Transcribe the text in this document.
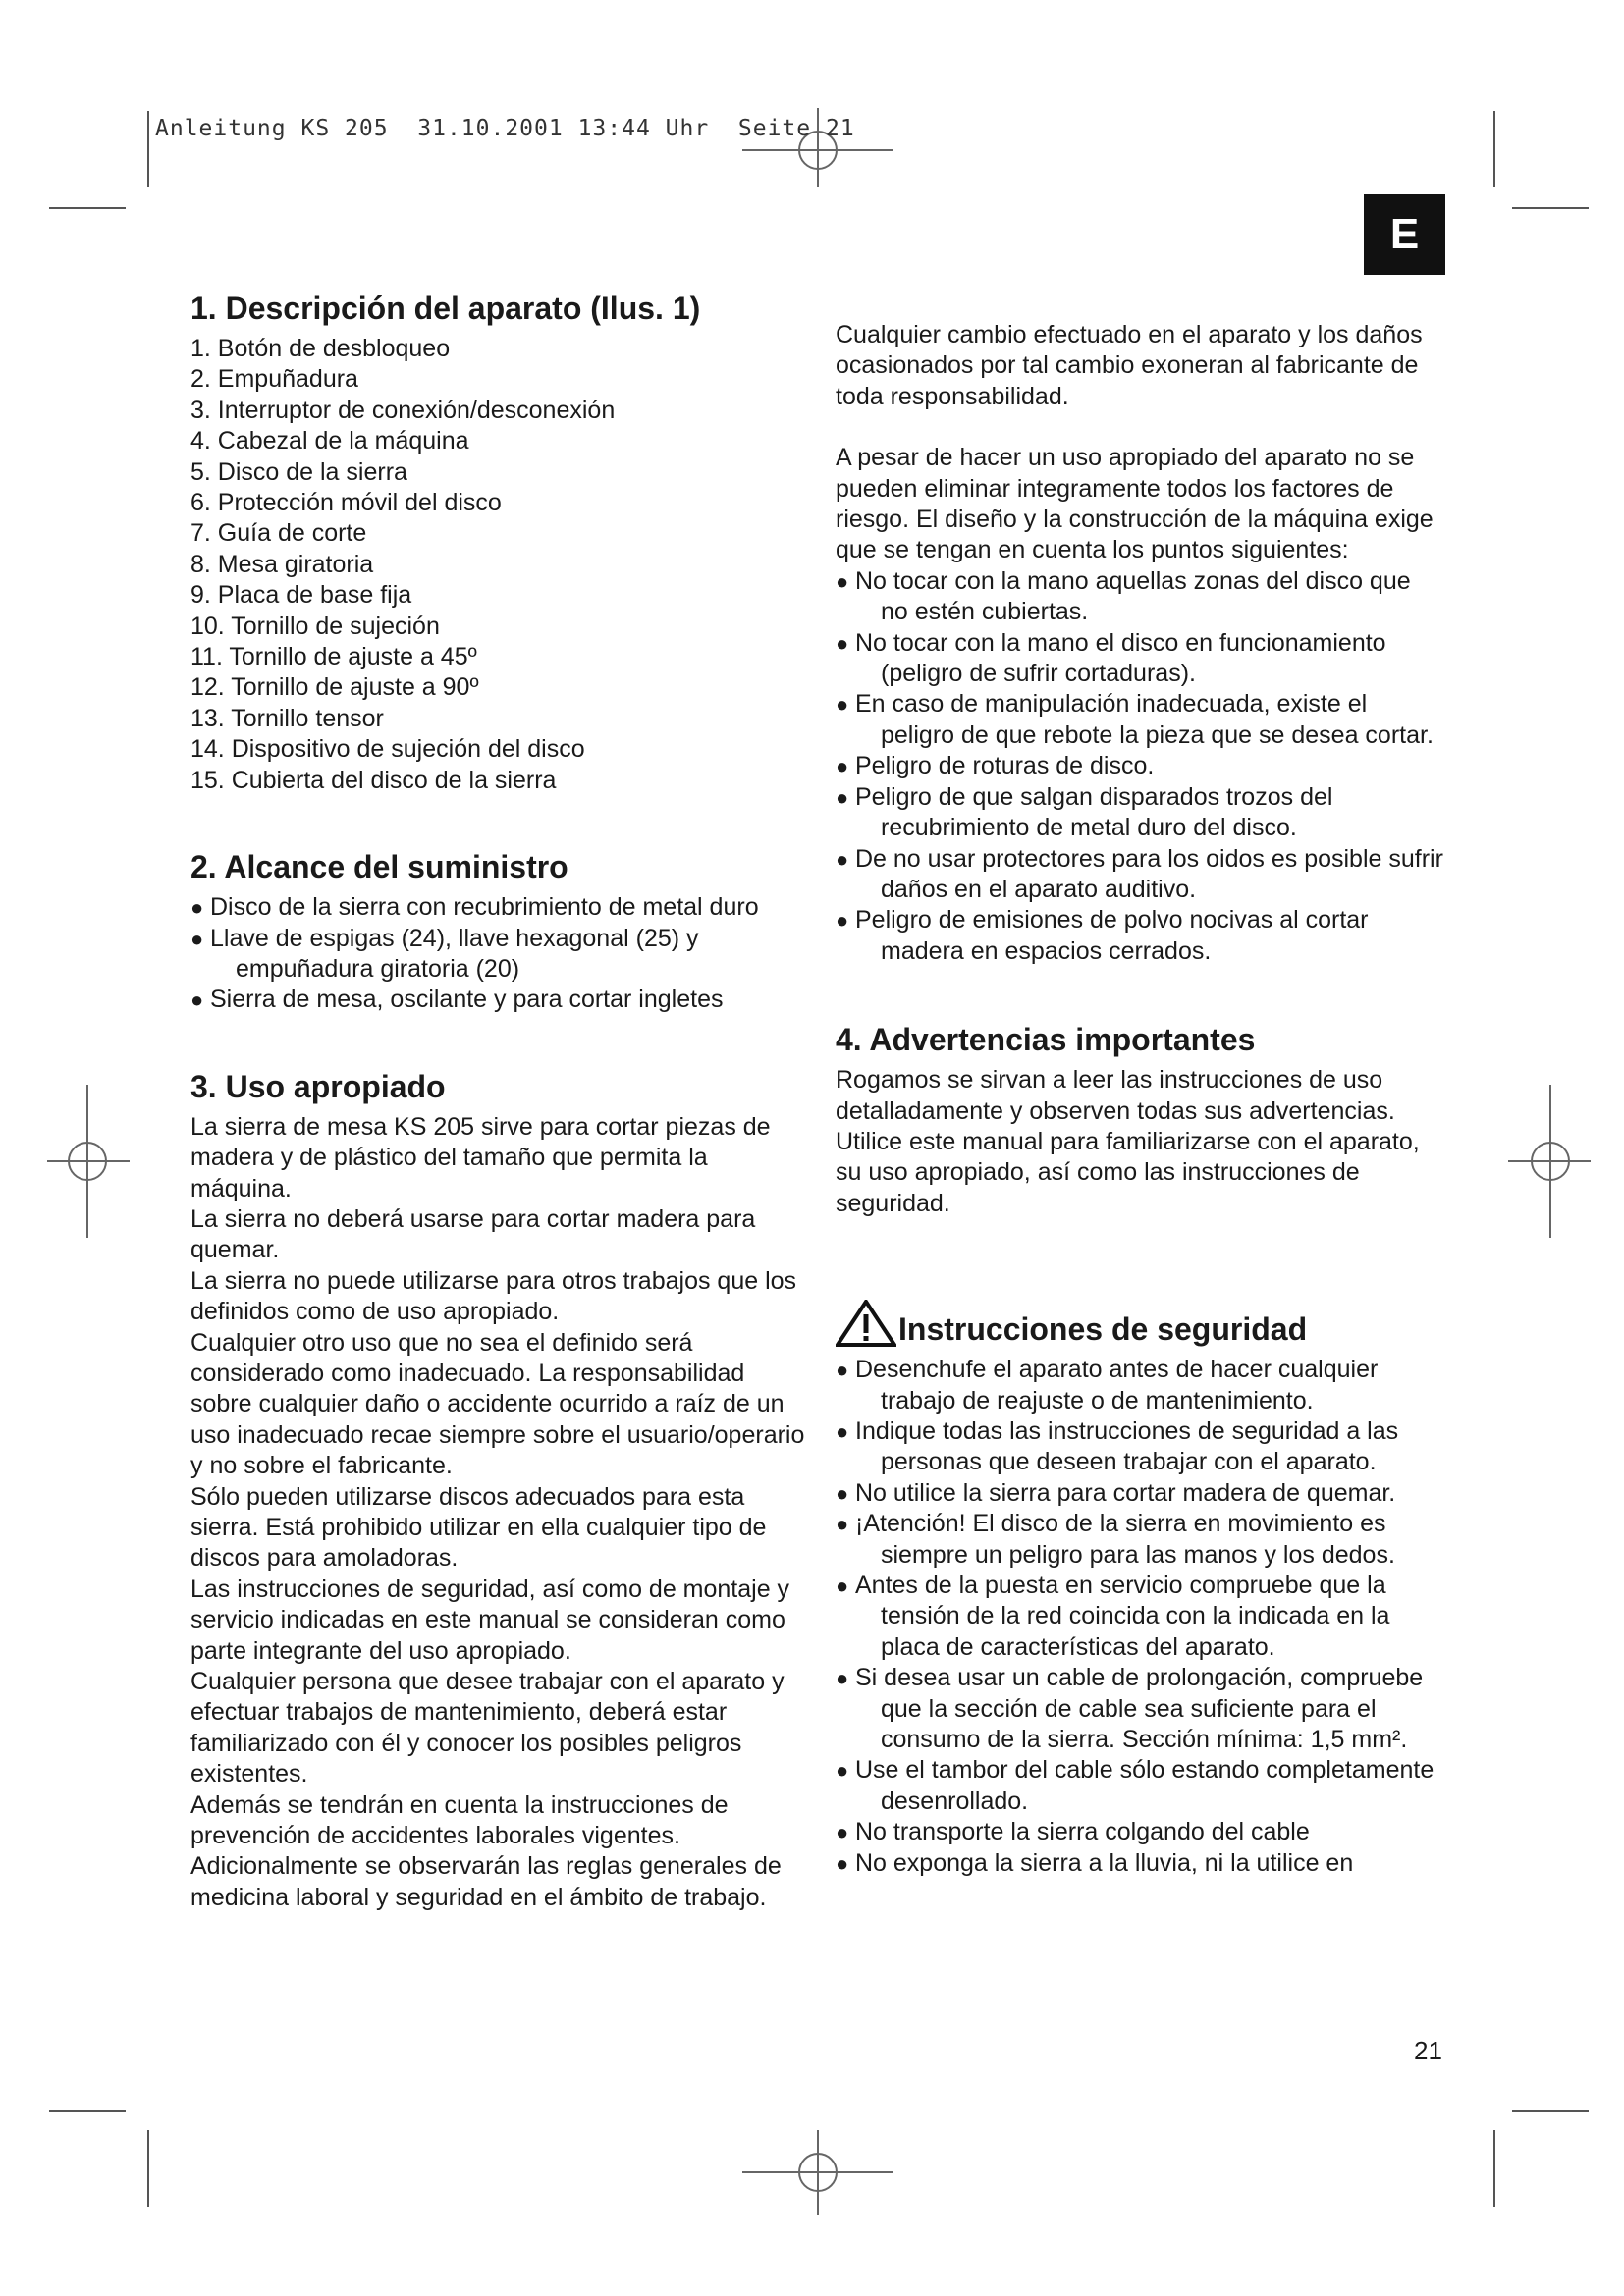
Anleitung KS 205  31.10.2001 13:44 Uhr  Seite 21
E
1. Descripción del aparato (Ilus. 1)
1. Botón de desbloqueo
2. Empuñadura
3. Interruptor de conexión/desconexión
4. Cabezal de la máquina
5. Disco de la sierra
6. Protección móvil del disco
7. Guía de corte
8. Mesa giratoria
9. Placa de base fija
10. Tornillo de sujeción
11. Tornillo de ajuste a 45º
12. Tornillo de ajuste a 90º
13. Tornillo tensor
14. Dispositivo de sujeción del disco
15. Cubierta del disco de la sierra
2. Alcance del suministro
● Disco de la sierra con recubrimiento de metal duro
● Llave de espigas (24), llave hexagonal (25) y empuñadura giratoria (20)
● Sierra de mesa, oscilante y para cortar ingletes
3. Uso apropiado

La sierra de mesa KS 205 sirve para cortar piezas de madera y de plástico del tamaño que permita la máquina.

La sierra no deberá usarse para cortar madera para quemar.

La sierra no puede utilizarse para otros trabajos que los definidos como de uso apropiado.

Cualquier otro uso que no sea el definido será considerado como inadecuado. La responsabilidad sobre cualquier daño o accidente ocurrido a raíz de un uso inadecuado recae siempre sobre el usuario/operario y no sobre el fabricante.

Sólo pueden utilizarse discos adecuados para esta sierra. Está prohibido utilizar en ella cualquier tipo de discos para amoladoras.

Las instrucciones de seguridad, así como de montaje y servicio indicadas en este manual se consideran como parte integrante del uso apropiado.

Cualquier persona que desee trabajar con el aparato y efectuar trabajos de mantenimiento, deberá estar familiarizado con él y conocer los posibles peligros existentes.

Además se tendrán en cuenta la instrucciones de prevención de accidentes laborales vigentes.

Adicionalmente se observarán las reglas generales de medicina laboral y seguridad en el ámbito de trabajo.

Cualquier cambio efectuado en el aparato y los daños ocasionados por tal cambio exoneran al fabricante de toda responsabilidad.

A pesar de hacer un uso apropiado del aparato no se pueden eliminar integramente todos los factores de riesgo. El diseño y la construcción de la máquina exige que se tengan en cuenta los puntos siguientes:

● No tocar con la mano aquellas zonas del disco que no estén cubiertas.
● No tocar con la mano el disco en funcionamiento (peligro de sufrir cortaduras).
● En caso de manipulación inadecuada, existe el peligro de que rebote la pieza que se desea cortar.
● Peligro de roturas de disco.
● Peligro de que salgan disparados trozos del recubrimiento de metal duro del disco.
● De no usar protectores para los oidos es posible sufrir daños en el aparato auditivo.
● Peligro de emisiones de polvo nocivas al cortar madera en espacios cerrados.
4. Advertencias importantes

Rogamos se sirvan a leer las instrucciones de uso detalladamente y observen todas sus advertencias. Utilice este manual para familiarizarse con el aparato, su uso apropiado, así como las instrucciones de seguridad.

Instrucciones de seguridad
● Desenchufe el aparato antes de hacer cualquier trabajo de reajuste o de mantenimiento.
● Indique todas las instrucciones de seguridad a las personas que deseen trabajar con el aparato.
● No utilice la sierra para cortar madera de quemar.
● ¡Atención! El disco de la sierra en movimiento es siempre un peligro para las manos y los dedos.
● Antes de la puesta en servicio compruebe que la tensión de la red coincida con la indicada en la placa de características del aparato.
● Si desea usar un cable de prolongación, compruebe que la sección de cable sea suficiente para el consumo de la sierra. Sección mínima: 1,5 mm².
● Use el tambor del cable sólo estando completamente desenrollado.
● No transporte la sierra colgando del cable
● No exponga la sierra a la lluvia, ni la utilice en
21
